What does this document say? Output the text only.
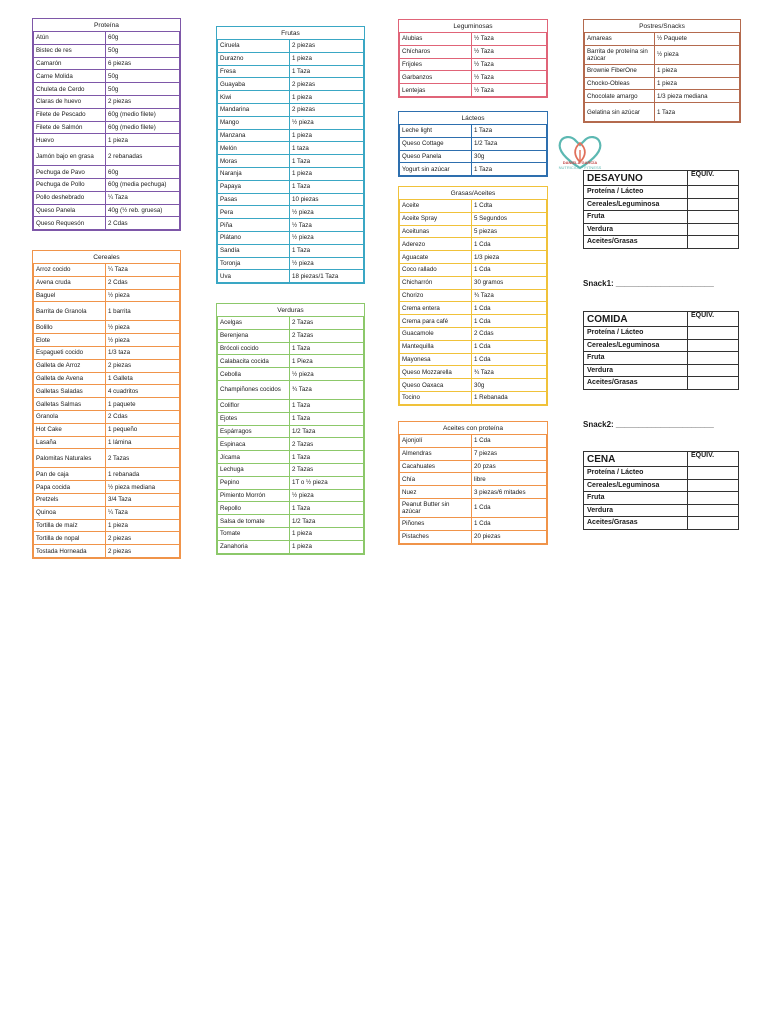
Proteína	
Atún	60g
Bistec de res	50g
Camarón	6 piezas
Carne Molida	50g
Chuleta de Cerdo	50g
Claras de huevo	2 piezas
Filete de Pescado	60g (medio filete)
Filete de Salmón	60g (medio filete)
Huevo	1 pieza
Jamón bajo en grasa	2 rebanadas
Pechuga de Pavo	60g
Pechuga de Pollo	60g (media pechuga)
Pollo deshebrado	¼ Taza
Queso Panela	40g (½ reb. gruesa)
Queso Requesón	2 Cdas
Cereales	
Arroz cocido	¼ Taza
Avena cruda	2 Cdas
Baguel	½ pieza
Barrita de Granola	1 barrita
Bolillo	½ pieza
Elote	½ pieza
Espagueti cocido	1/3 taza
Galleta de Arroz	2 piezas
Galleta de Avena	1 Galleta
Galletas Saladas	4 cuadritos
Galletas Salmas	1 paquete
Granola	2 Cdas
Hot Cake	1 pequeño
Lasaña	1 lámina
Palomitas Naturales	2 Tazas
Pan de caja	1 rebanada
Papa cocida	½ pieza mediana
Pretzels	3/4 Taza
Quinoa	¼ Taza
Tortilla de maíz	1 pieza
Tortilla de nopal	2 piezas
Tostada Horneada	2 piezas
Frutas	
Ciruela	2 piezas
Durazno	1 pieza
Fresa	1 Taza
Guayaba	2 piezas
Kiwi	1 pieza
Mandarina	2 piezas
Mango	½ pieza
Manzana	1 pieza
Melón	1 taza
Moras	1 Taza
Naranja	1 pieza
Papaya	1 Taza
Pasas	10 piezas
Pera	½ pieza
Piña	½ Taza
Plátano	½ pieza
Sandía	1 Taza
Toronja	½ pieza
Uva	18 piezas/1 Taza
Verduras	
Acelgas	2 Tazas
Berenjena	2 Tazas
Brócoli cocido	1 Taza
Calabacita cocida	1 Pieza
Cebolla	½ pieza
Champiñones cocidos	¾ Taza
Coliflor	1 Taza
Ejotes	1 Taza
Espárragos	1/2 Taza
Espinaca	2 Tazas
Jícama	1 Taza
Lechuga	2 Tazas
Pepino	1T o ½ pieza
Pimiento Morrón	½ pieza
Repollo	1 Taza
Salsa de tomate	1/2 Taza
Tomate	1 pieza
Zanahoria	1 pieza
Leguminosas	
Alubias	½ Taza
Chícharos	½ Taza
Frijoles	½ Taza
Garbanzos	½ Taza
Lentejas	½ Taza
Lácteos	
Leche light	1 Taza
Queso Cottage	1/2 Taza
Queso Panela	30g
Yogurt sin azúcar	1 Taza
Grasas/Aceites	
Aceite	1 Cdta
Aceite Spray	5 Segundos
Aceitunas	5 piezas
Aderezo	1 Cda
Aguacate	1/3 pieza
Coco rallado	1 Cda
Chicharrón	30 gramos
Chorizo	¾ Taza
Crema entera	1 Cda
Crema para café	1 Cda
Guacamole	2 Cdas
Mantequilla	1 Cda
Mayonesa	1 Cda
Queso Mozzarella	¾ Taza
Queso Oaxaca	30g
Tocino	1 Rebanada
Aceites con proteína	
Ajonjolí	1 Cda
Almendras	7 piezas
Cacahuates	20 pzas
Chía	libre
Nuez	3 piezas/6 mitades
Peanut Butter sin azúcar	1 Cda
Piñones	1 Cda
Pistaches	20 piezas
Postres/Snacks	
Amareas	½ Paquete
Barrita de proteína sin azúcar	½ pieza
Brownie FiberOne	1 pieza
Chocko-Obleas	1 pieza
Chocolate amargo	1/3 pieza mediana
Gelatina sin azúcar	1 Taza
DANIELA GARCÍA
NUTRICIÓN · FITNESS
DESAYUNO	EQUIV.
Proteína / Lácteo	
Cereales/Leguminosa	
Fruta	
Verdura	
Aceites/Grasas	
Snack1: ______________________
COMIDA	EQUIV.
Proteína / Lácteo	
Cereales/Leguminosa	
Fruta	
Verdura	
Aceites/Grasas	
Snack2: ______________________
CENA	EQUIV.
Proteína / Lácteo	
Cereales/Leguminosa	
Fruta	
Verdura	
Aceites/Grasas	
